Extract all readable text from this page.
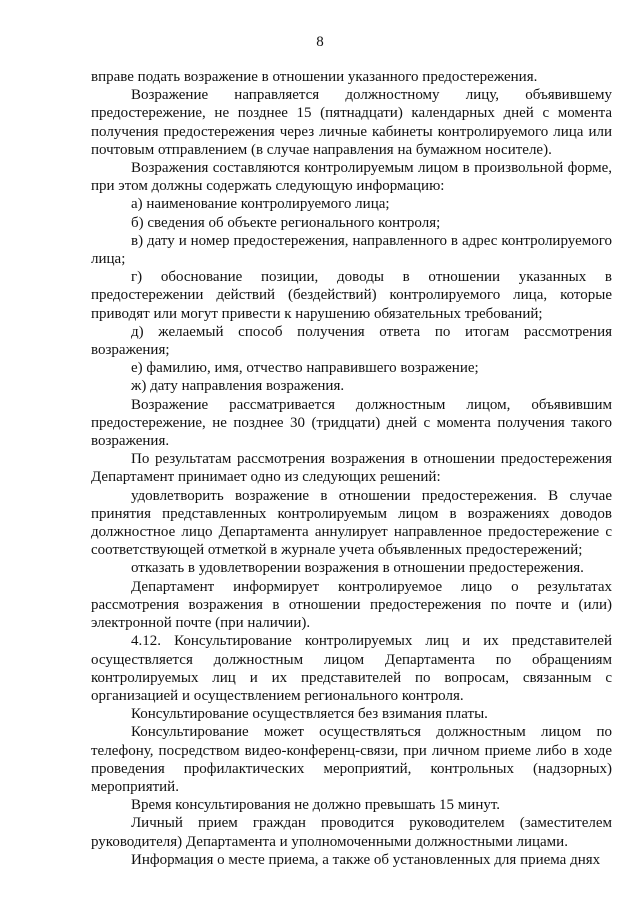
8

вправе подать возражение в отношении указанного предостережения.

Возражение направляется должностному лицу, объявившему предостережение, не позднее 15 (пятнадцати) календарных дней с момента получения предостережения через личные кабинеты контролируемого лица или почтовым отправлением (в случае направления на бумажном носителе).

Возражения составляются контролируемым лицом в произвольной форме, при этом должны содержать следующую информацию:

а) наименование контролируемого лица;

б) сведения об объекте регионального контроля;

в) дату и номер предостережения, направленного в адрес контролируемого лица;

г) обоснование позиции, доводы в отношении указанных в предостережении действий (бездействий) контролируемого лица, которые приводят или могут привести к нарушению обязательных требований;

д) желаемый способ получения ответа по итогам рассмотрения возражения;

е) фамилию, имя, отчество направившего возражение;

ж) дату направления возражения.

Возражение рассматривается должностным лицом, объявившим предостережение, не позднее 30 (тридцати) дней с момента получения такого возражения.

По результатам рассмотрения возражения в отношении предостережения Департамент принимает одно из следующих решений:

удовлетворить возражение в отношении предостережения. В случае принятия представленных контролируемым лицом в возражениях доводов должностное лицо Департамента аннулирует направленное предостережение с соответствующей отметкой в журнале учета объявленных предостережений;

отказать в удовлетворении возражения в отношении предостережения.

Департамент информирует контролируемое лицо о результатах рассмотрения возражения в отношении предостережения по почте и (или) электронной почте (при наличии).

4.12. Консультирование контролируемых лиц и их представителей осуществляется должностным лицом Департамента по обращениям контролируемых лиц и их представителей по вопросам, связанным с организацией и осуществлением регионального контроля.

Консультирование осуществляется без взимания платы.

Консультирование может осуществляться должностным лицом по телефону, посредством видео-конференц-связи, при личном приеме либо в ходе проведения профилактических мероприятий, контрольных (надзорных) мероприятий.

Время консультирования не должно превышать 15 минут.

Личный прием граждан проводится руководителем (заместителем руководителя) Департамента и уполномоченными должностными лицами.

Информация о месте приема, а также об установленных для приема днях
